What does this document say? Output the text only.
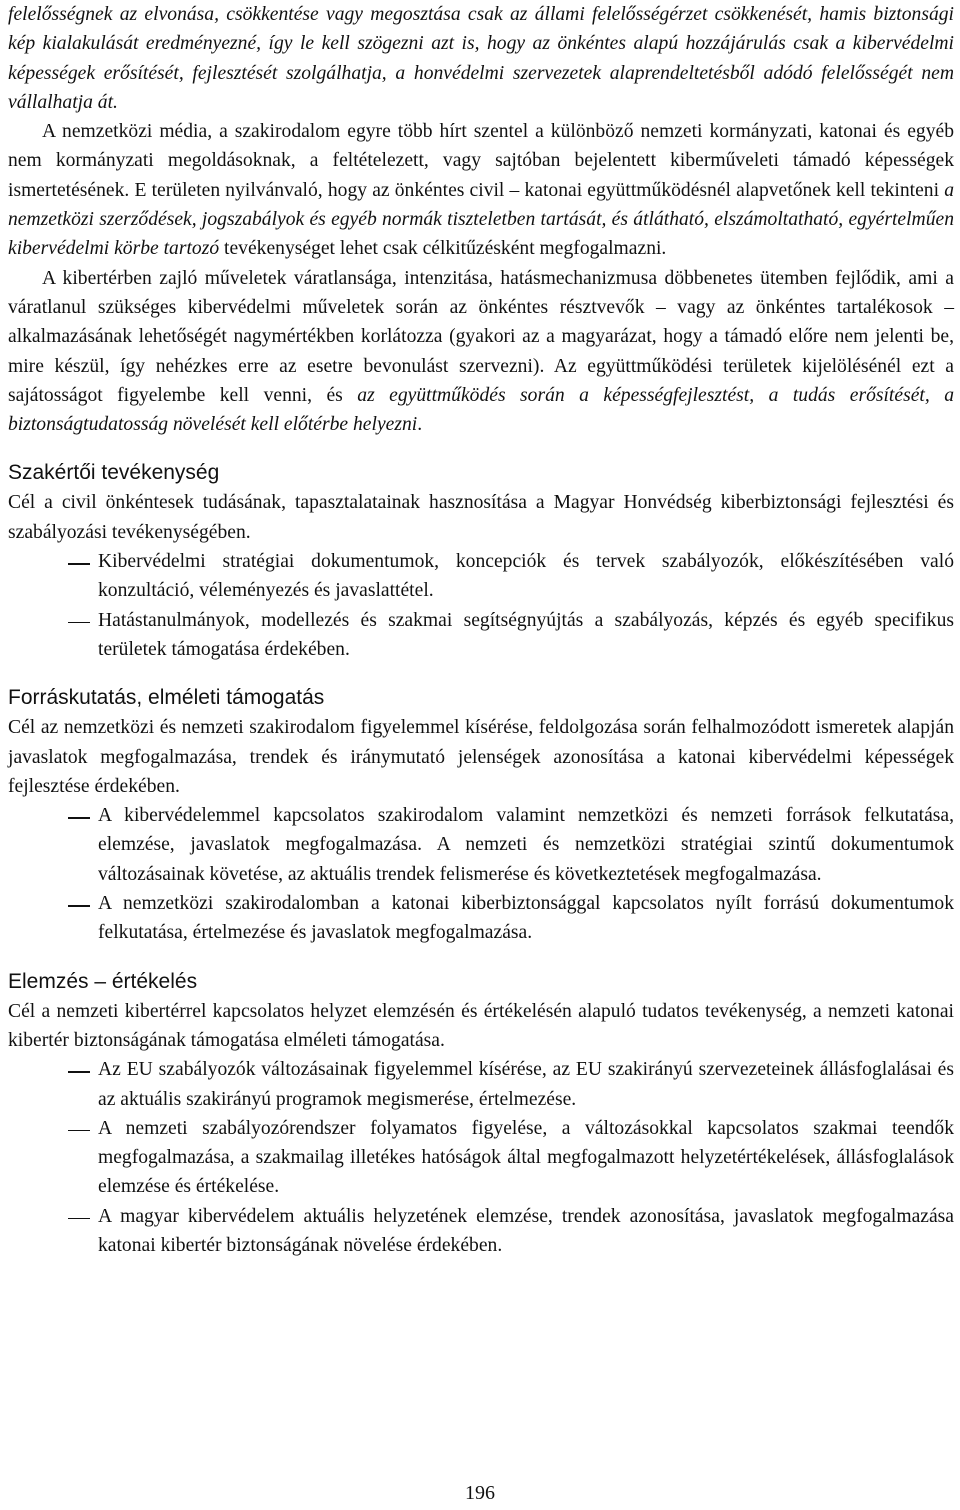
felelősségnek az elvonása, csökkentése vagy megosztása csak az állami felelősségérzet csökkenését, hamis biztonsági kép kialakulását eredményezné, így le kell szögezni azt is, hogy az önkéntes alapú hozzájárulás csak a kibervédelmi képességek erősítését, fejlesztését szolgálhatja, a honvédelmi szervezetek alaprendeltetésből adódó felelősségét nem vállalhatja át.

A nemzetközi média, a szakirodalom egyre több hírt szentel a különböző nemzeti kormányzati, katonai és egyéb nem kormányzati megoldásoknak, a feltételezett, vagy sajtóban bejelentett kiberműveleti támadó képességek ismertetésének. E területen nyilvánvaló, hogy az önkéntes civil – katonai együttműködésnél alapvetőnek kell tekinteni a nemzetközi szerződések, jogszabályok és egyéb normák tiszteletben tartását, és átlátható, elszámoltatható, egyértelműen kibervédelmi körbe tartozó tevékenységet lehet csak célkitűzésként megfogalmazni.

A kibertérben zajló műveletek váratlansága, intenzitása, hatásmechanizmusa döbbenetes ütemben fejlődik, ami a váratlanul szükséges kibervédelmi műveletek során az önkéntes résztvevők – vagy az önkéntes tartalékosok – alkalmazásának lehetőségét nagymértékben korlátozza (gyakori az a magyarázat, hogy a támadó előre nem jelenti be, mire készül, így nehézkes erre az esetre bevonulást szervezni). Az együttműködési területek kijelölésénél ezt a sajátosságot figyelembe kell venni, és az együttműködés során a képességfejlesztést, a tudás erősítését, a biztonságtudatosság növelését kell előtérbe helyezni.

Szakértői tevékenység

Cél a civil önkéntesek tudásának, tapasztalatainak hasznosítása a Magyar Honvédség kiberbiztonsági fejlesztési és szabályozási tevékenységében.

Kibervédelmi stratégiai dokumentumok, koncepciók és tervek szabályozók, előkészítésében való konzultáció, véleményezés és javaslattétel.
Hatástanulmányok, modellezés és szakmai segítségnyújtás a szabályozás, képzés és egyéb specifikus területek támogatása érdekében.
Forráskutatás, elméleti támogatás

Cél az nemzetközi és nemzeti szakirodalom figyelemmel kísérése, feldolgozása során felhalmozódott ismeretek alapján javaslatok megfogalmazása, trendek és iránymutató jelenségek azonosítása a katonai kibervédelmi képességek fejlesztése érdekében.

A kibervédelemmel kapcsolatos szakirodalom valamint nemzetközi és nemzeti források felkutatása, elemzése, javaslatok megfogalmazása. A nemzeti és nemzetközi stratégiai szintű dokumentumok változásainak követése, az aktuális trendek felismerése és következtetések megfogalmazása.
A nemzetközi szakirodalomban a katonai kiberbiztonsággal kapcsolatos nyílt forrású dokumentumok felkutatása, értelmezése és javaslatok megfogalmazása.
Elemzés – értékelés

Cél a nemzeti kibertérrel kapcsolatos helyzet elemzésén és értékelésén alapuló tudatos tevékenység, a nemzeti katonai kibertér biztonságának támogatása elméleti támogatása.

Az EU szabályozók változásainak figyelemmel kísérése, az EU szakirányú szervezeteinek állásfoglalásai és az aktuális szakirányú programok megismerése, értelmezése.
A nemzeti szabályozórendszer folyamatos figyelése, a változásokkal kapcsolatos szakmai teendők megfogalmazása, a szakmailag illetékes hatóságok által megfogalmazott helyzetértékelések, állásfoglalások elemzése és értékelése.
A magyar kibervédelem aktuális helyzetének elemzése, trendek azonosítása, javaslatok megfogalmazása katonai kibertér biztonságának növelése érdekében.
196
